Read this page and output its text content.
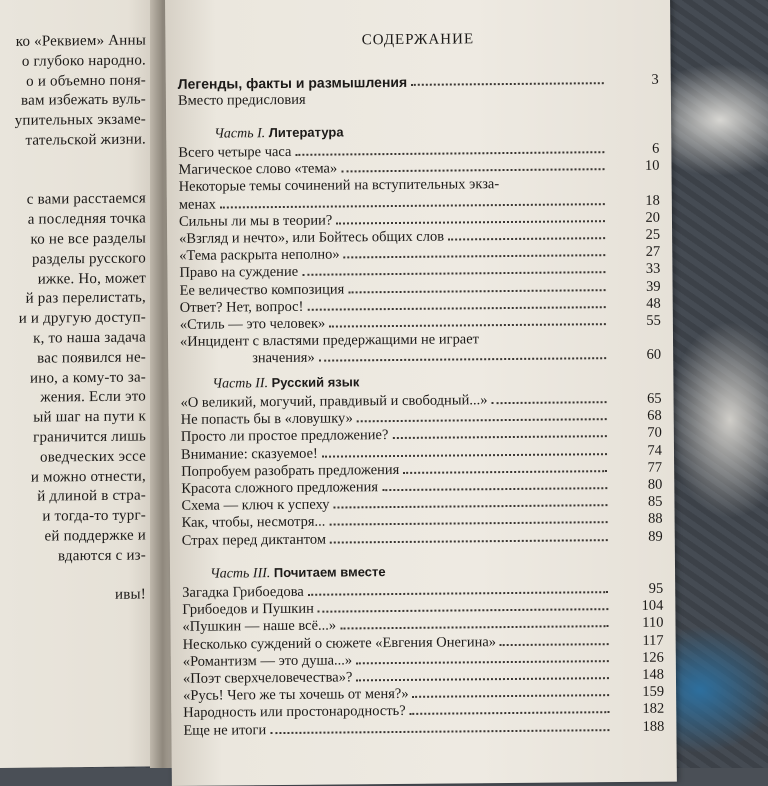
ко «Реквием» Анны
о глубоко народно.
о и объемно поня-
вам избежать вуль-
упительных экзаме-
тательской жизни.
с вами расстаемся
а последняя точка
ко не все разделы
разделы русского
ижке. Но, может
й раз перелистать,
и и другую доступ-
к, то наша задача
вас появился не-
ино, а кому-то за-
жения. Если это
ый шаг на пути к
граничится лишь
оведческих эссе
и можно отнести,
й длиной в стра-
и тогда-то тург-
ей поддержке и
вдаются с из-
ивы!
СОДЕРЖАНИЕ
Легенды, факты и размышления	3
Вместо предисловия
Часть I. Литература
Всего четыре часа	6
Магическое слово «тема»	10
Некоторые темы сочинений на вступительных экза-
менах	18
Сильны ли мы в теории?	20
«Взгляд и нечто», или Бойтесь общих слов	25
«Тема раскрыта неполно»	27
Право на суждение	33
Ее величество композиция	39
Ответ? Нет, вопрос!	48
«Стиль — это человек»	55
«Инцидент с властями предержащими не играет
значения»	60
Часть II. Русский язык
«О великий, могучий, правдивый и свободный...»	65
Не попасть бы в «ловушку»	68
Просто ли простое предложение?	70
Внимание: сказуемое!	74
Попробуем разобрать предложения	77
Красота сложного предложения	80
Схема — ключ к успеху	85
Как, чтобы, несмотря...	88
Страх перед диктантом	89
Часть III. Почитаем вместе
Загадка Грибоедова	95
Грибоедов и Пушкин	104
«Пушкин — наше всё...»	110
Несколько суждений о сюжете «Евгения Онегина»	117
«Романтизм — это душа...»	126
«Поэт сверхчеловечества»?	148
«Русь! Чего же ты хочешь от меня?»	159
Народность или простонародность?	182
Еще не итоги	188
